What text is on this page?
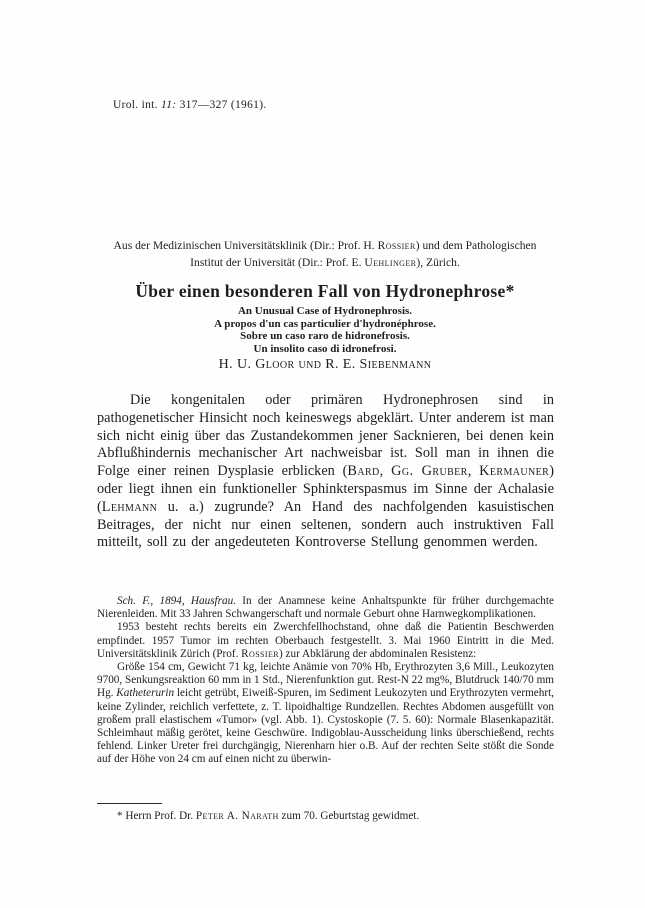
Urol. int. 11: 317—327 (1961).
Aus der Medizinischen Universitätsklinik (Dir.: Prof. H. Rossier) und dem Pathologischen Institut der Universität (Dir.: Prof. E. Uehlinger), Zürich.
Über einen besonderen Fall von Hydronephrose*
An Unusual Case of Hydronephrosis.
A propos d'un cas particulier d'hydronéphrose.
Sobre un caso raro de hidronefrosis.
Un insolito caso di idronefrosi.
H. U. Gloor und R. E. Siebenmann

Die kongenitalen oder primären Hydronephrosen sind in pathogenetischer Hinsicht noch keineswegs abgeklärt. Unter anderem ist man sich nicht einig über das Zustandekommen jener Sacknieren, bei denen kein Abflußhindernis mechanischer Art nachweisbar ist. Soll man in ihnen die Folge einer reinen Dysplasie erblicken (Bard, Gg. Gruber, Kermauner) oder liegt ihnen ein funktioneller Sphinkterspasmus im Sinne der Achalasie (Lehmann u. a.) zugrunde? An Hand des nachfolgenden kasuistischen Beitrages, der nicht nur einen seltenen, sondern auch instruktiven Fall mitteilt, soll zu der angedeuteten Kontroverse Stellung genommen werden.

Sch. F., 1894, Hausfrau. In der Anamnese keine Anhaltspunkte für früher durchgemachte Nierenleiden. Mit 33 Jahren Schwangerschaft und normale Geburt ohne Harnwegkomplikationen.

1953 besteht rechts bereits ein Zwerchfellhochstand, ohne daß die Patientin Beschwerden empfindet. 1957 Tumor im rechten Oberbauch festgestellt. 3. Mai 1960 Eintritt in die Med. Universitätsklinik Zürich (Prof. Rossier) zur Abklärung der abdominalen Resistenz:

Größe 154 cm, Gewicht 71 kg, leichte Anämie von 70% Hb, Erythrozyten 3,6 Mill., Leukozyten 9700, Senkungsreaktion 60 mm in 1 Std., Nierenfunktion gut. Rest-N 22 mg%, Blutdruck 140/70 mm Hg. Katheterurin leicht getrübt, Eiweiß-Spuren, im Sediment Leukozyten und Erythrozyten vermehrt, keine Zylinder, reichlich verfettete, z. T. lipoidhaltige Rundzellen. Rechtes Abdomen ausgefüllt von großem prall elastischem «Tumor» (vgl. Abb. 1). Cystoskopie (7. 5. 60): Normale Blasenkapazität. Schleimhaut mäßig gerötet, keine Geschwüre. Indigoblau-Ausscheidung links überschießend, rechts fehlend. Linker Ureter frei durchgängig, Nierenharn hier o.B. Auf der rechten Seite stößt die Sonde auf der Höhe von 24 cm auf einen nicht zu überwin-

* Herrn Prof. Dr. Peter A. Narath zum 70. Geburtstag gewidmet.
